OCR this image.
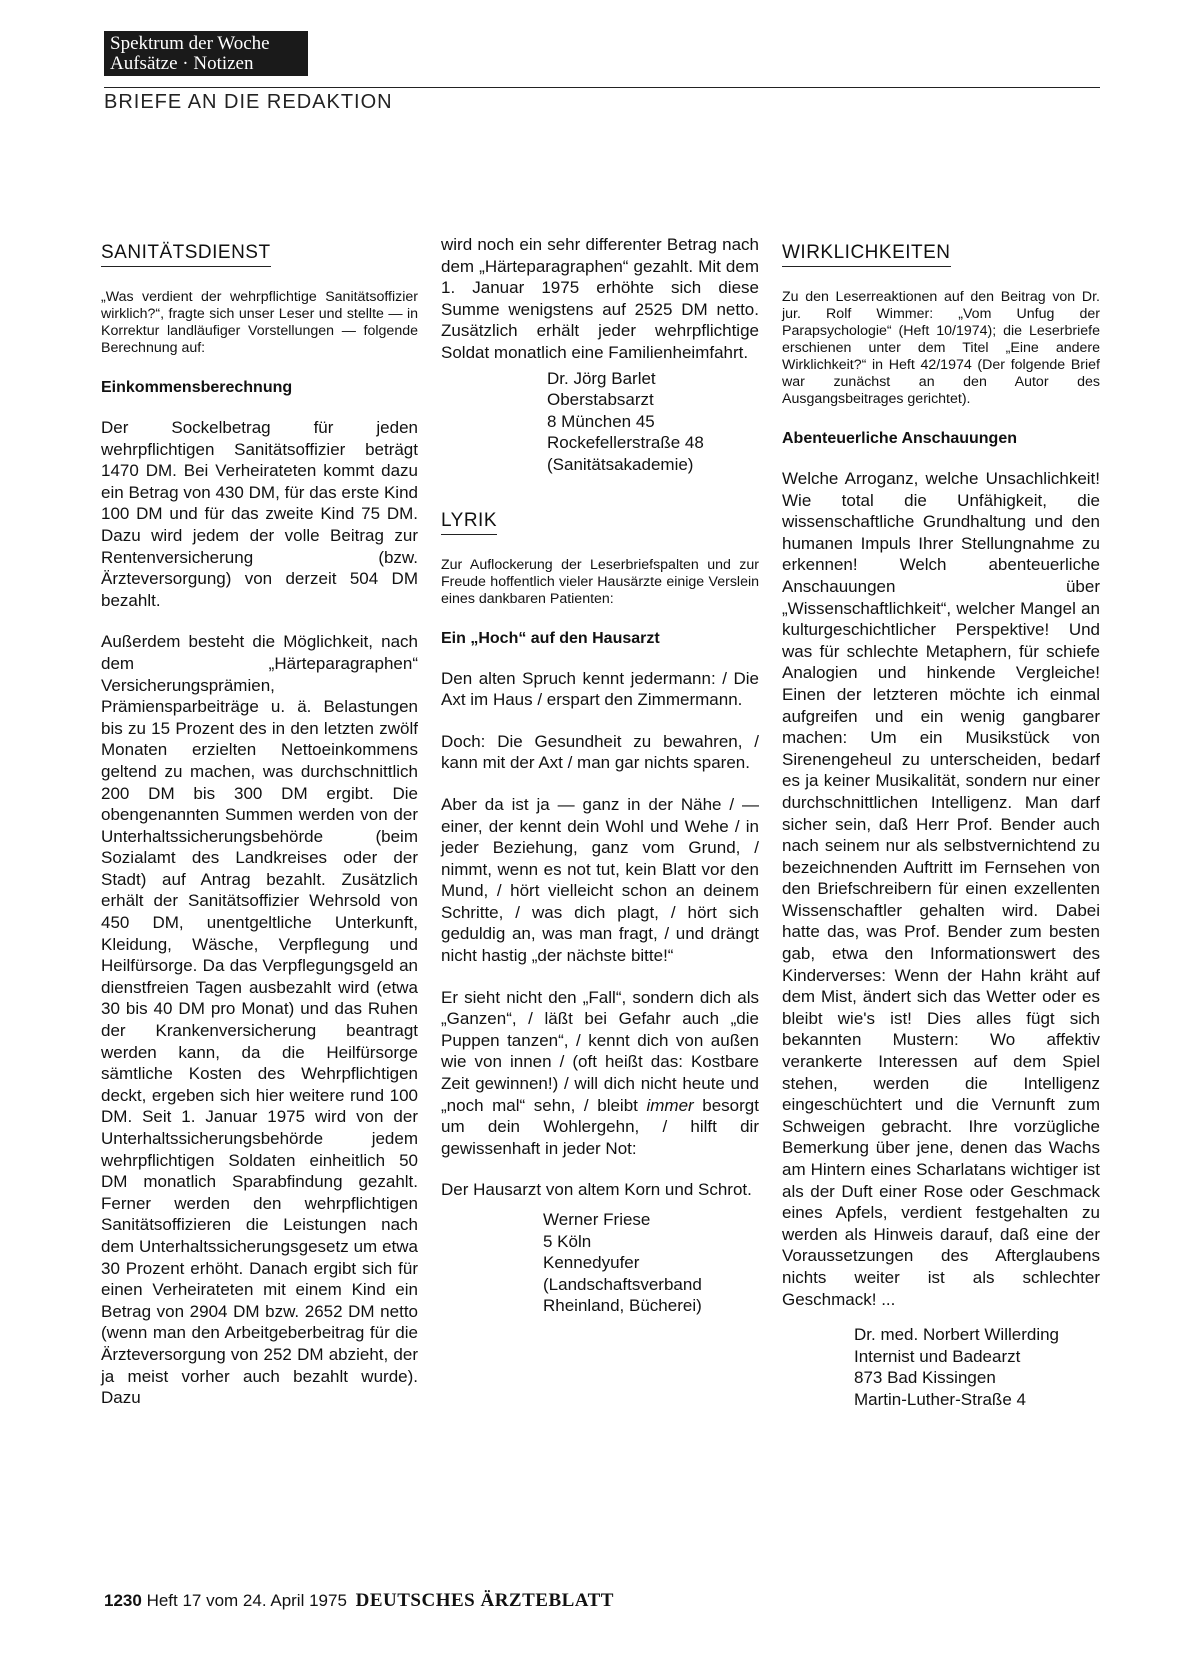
Spektrum der Woche
Aufsätze · Notizen
BRIEFE AN DIE REDAKTION
SANITÄTSDIENST

„Was verdient der wehrpflichtige Sanitätsoffizier wirklich?“, fragte sich unser Leser und stellte — in Korrektur landläufiger Vorstellungen — folgende Berechnung auf:

Einkommensberechnung

Der Sockelbetrag für jeden wehrpflichtigen Sanitätsoffizier beträgt 1470 DM. Bei Verheirateten kommt dazu ein Betrag von 430 DM, für das erste Kind 100 DM und für das zweite Kind 75 DM. Dazu wird jedem der volle Beitrag zur Rentenversicherung (bzw. Ärzteversorgung) von derzeit 504 DM bezahlt.

Außerdem besteht die Möglichkeit, nach dem „Härteparagraphen“ Versicherungsprämien, Prämiensparbeiträge u. ä. Belastungen bis zu 15 Prozent des in den letzten zwölf Monaten erzielten Nettoeinkommens geltend zu machen, was durchschnittlich 200 DM bis 300 DM ergibt. Die obengenannten Summen werden von der Unterhaltssicherungsbehörde (beim Sozialamt des Landkreises oder der Stadt) auf Antrag bezahlt. Zusätzlich erhält der Sanitätsoffizier Wehrsold von 450 DM, unentgeltliche Unterkunft, Kleidung, Wäsche, Verpflegung und Heilfürsorge. Da das Verpflegungsgeld an dienstfreien Tagen ausbezahlt wird (etwa 30 bis 40 DM pro Monat) und das Ruhen der Krankenversicherung beantragt werden kann, da die Heilfürsorge sämtliche Kosten des Wehrpflichtigen deckt, ergeben sich hier weitere rund 100 DM. Seit 1. Januar 1975 wird von der Unterhaltssicherungsbehörde jedem wehrpflichtigen Soldaten einheitlich 50 DM monatlich Sparabfindung gezahlt. Ferner werden den wehrpflichtigen Sanitätsoffizieren die Leistungen nach dem Unterhaltssicherungsgesetz um etwa 30 Prozent erhöht. Danach ergibt sich für einen Verheirateten mit einem Kind ein Betrag von 2904 DM bzw. 2652 DM netto (wenn man den Arbeitgeberbeitrag für die Ärzteversorgung von 252 DM abzieht, der ja meist vorher auch bezahlt wurde). Dazu

wird noch ein sehr differenter Betrag nach dem „Härteparagraphen“ gezahlt. Mit dem 1. Januar 1975 erhöhte sich diese Summe wenigstens auf 2525 DM netto. Zusätzlich erhält jeder wehrpflichtige Soldat monatlich eine Familienheimfahrt.

Dr. Jörg Barlet
Oberstabsarzt
8 München 45
Rockefellerstraße 48
(Sanitätsakademie)
LYRIK

Zur Auflockerung der Leserbriefspalten und zur Freude hoffentlich vieler Hausärzte einige Verslein eines dankbaren Patienten:

Ein „Hoch“ auf den Hausarzt

Den alten Spruch kennt jedermann: / Die Axt im Haus / erspart den Zimmermann.

Doch: Die Gesundheit zu bewahren, / kann mit der Axt / man gar nichts sparen.

Aber da ist ja — ganz in der Nähe / — einer, der kennt dein Wohl und Wehe / in jeder Beziehung, ganz vom Grund, / nimmt, wenn es not tut, kein Blatt vor den Mund, / hört vielleicht schon an deinem Schritte, / was dich plagt, / hört sich geduldig an, was man fragt, / und drängt nicht hastig „der nächste bitte!“

Er sieht nicht den „Fall“, sondern dich als „Ganzen“, / läßt bei Gefahr auch „die Puppen tanzen“, / kennt dich von außen wie von innen / (oft heißt das: Kostbare Zeit gewinnen!) / will dich nicht heute und „noch mal“ sehn, / bleibt immer besorgt um dein Wohlergehn, / hilft dir gewissenhaft in jeder Not:

Der Hausarzt von altem Korn und Schrot.

Werner Friese
5 Köln
Kennedyufer
(Landschaftsverband
Rheinland, Bücherei)
WIRKLICHKEITEN

Zu den Leserreaktionen auf den Beitrag von Dr. jur. Rolf Wimmer: „Vom Unfug der Parapsychologie“ (Heft 10/1974); die Leserbriefe erschienen unter dem Titel „Eine andere Wirklichkeit?“ in Heft 42/1974 (Der folgende Brief war zunächst an den Autor des Ausgangsbeitrages gerichtet).

Abenteuerliche Anschauungen

Welche Arroganz, welche Unsachlichkeit! Wie total die Unfähigkeit, die wissenschaftliche Grundhaltung und den humanen Impuls Ihrer Stellungnahme zu erkennen! Welch abenteuerliche Anschauungen über „Wissenschaftlichkeit“, welcher Mangel an kulturgeschichtlicher Perspektive! Und was für schlechte Metaphern, für schiefe Analogien und hinkende Vergleiche! Einen der letzteren möchte ich einmal aufgreifen und ein wenig gangbarer machen: Um ein Musikstück von Sirenengeheul zu unterscheiden, bedarf es ja keiner Musikalität, sondern nur einer durchschnittlichen Intelligenz. Man darf sicher sein, daß Herr Prof. Bender auch nach seinem nur als selbstvernichtend zu bezeichnenden Auftritt im Fernsehen von den Briefschreibern für einen exzellenten Wissenschaftler gehalten wird. Dabei hatte das, was Prof. Bender zum besten gab, etwa den Informationswert des Kinderverses: Wenn der Hahn kräht auf dem Mist, ändert sich das Wetter oder es bleibt wie's ist! Dies alles fügt sich bekannten Mustern: Wo affektiv verankerte Interessen auf dem Spiel stehen, werden die Intelligenz eingeschüchtert und die Vernunft zum Schweigen gebracht. Ihre vorzügliche Bemerkung über jene, denen das Wachs am Hintern eines Scharlatans wichtiger ist als der Duft einer Rose oder Geschmack eines Apfels, verdient festgehalten zu werden als Hinweis darauf, daß eine der Voraussetzungen des Afterglaubens nichts weiter ist als schlechter Geschmack! ...

Dr. med. Norbert Willerding
Internist und Badearzt
873 Bad Kissingen
Martin-Luther-Straße 4
1230 Heft 17 vom 24. April 1975 DEUTSCHES ÄRZTEBLATT
